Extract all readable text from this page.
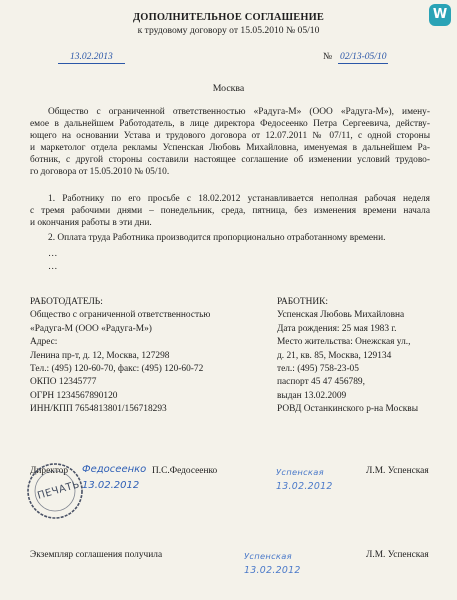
W
ДОПОЛНИТЕЛЬНОЕ СОГЛАШЕНИЕ
к трудовому договору от 15.05.2010 № 05/10
13.02.2013	№ 02/13-05/10
Москва
Общество с ограниченной ответственностью «Радуга-М» (ООО «Радуга-М»), имену-
емое в дальнейшем Работодатель, в лице директора Федосеенко Петра Сергеевича, действу-
ющего на основании Устава и трудового договора от 12.07.2011 № 07/11, с одной стороны
и маркетолог отдела рекламы Успенская Любовь Михайловна, именуемая в дальнейшем Ра-
ботник, с другой стороны составили настоящее соглашение об изменении условий трудово-
го договора от 15.05.2010 № 05/10.
1. Работнику по его просьбе с 18.02.2012 устанавливается неполная рабочая неделя
с тремя рабочими днями – понедельник, среда, пятница, без изменения времени начала
и окончания работы в эти дни.
2. Оплата труда Работника производится пропорционально отработанному времени.
…
…
РАБОТОДАТЕЛЬ:
Общество с ограниченной ответственностью
«Радуга-М (ООО «Радуга-М»)
Адрес:
Ленина пр-т, д. 12, Москва, 127298
Тел.: (495) 120-60-70, факс: (495) 120-60-72
ОКПО 12345777
ОГРН 1234567890120
ИНН/КПП 7654813801/156718293
РАБОТНИК:
Успенская Любовь Михайловна
Дата рождения: 25 мая 1983 г.
Место жительства: Онежская ул.,
д. 21, кв. 85, Москва, 129134
тел.: (495) 758-23-05
паспорт 45 47 456789,
выдан 13.02.2009
РОВД Останкинского р-на Москвы
Директор Федосеенко П.С.Федосеенко
13.02.2012
ПЕЧАТЬ
Успенская
13.02.2012
Л.М. Успенская
Экземпляр соглашения получила	Успенская
13.02.2012
Л.М. Успенская
